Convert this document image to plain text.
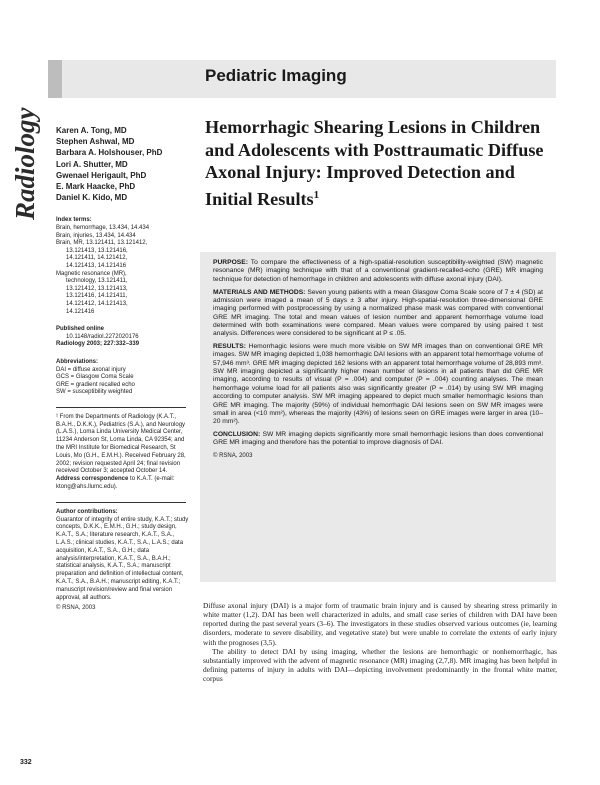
Pediatric Imaging
Radiology Karen A. Tong, MD
Stephen Ashwal, MD
Barbara A. Holshouser, PhD
Lori A. Shutter, MD
Gwenael Herigault, PhD
E. Mark Haacke, PhD
Daniel K. Kido, MD
Index terms:
Brain, hemorrhage, 13.434, 14.434
Brain, injuries, 13.434, 14.434
Brain, MR, 13.121411, 13.121412,
13.121413, 13.121416,
14.121411, 14.121412,
14.121413, 14.121416
Magnetic resonance (MR),
technology, 13.121411,
13.121412, 13.121413,
13.121416, 14.121411,
14.121412, 14.121413,
14.121416
Published online
10.1148/radiol.2272020176
Radiology 2003; 227:332–339
Abbreviations:
DAI = diffuse axonal injury
GCS = Glasgow Coma Scale
GRE = gradient recalled echo
SW = susceptibility weighted
¹ From the Departments of Radiology (K.A.T., B.A.H., D.K.K.), Pediatrics (S.A.), and Neurology (L.A.S.), Loma Linda University Medical Center, 11234 Anderson St, Loma Linda, CA 92354; and the MRI Institute for Biomedical Research, St Louis, Mo (G.H., E.M.H.). Received February 28, 2002; revision requested April 24; final revision received October 3; accepted October 14. Address correspondence to K.A.T. (e-mail: ktong@ahs.llumc.edu).
Author contributions:
Guarantor of integrity of entire study, K.A.T.; study concepts, D.K.K., E.M.H., G.H.; study design, K.A.T., S.A.; literature research, K.A.T., S.A., L.A.S.; clinical studies, K.A.T., S.A., L.A.S.; data acquisition, K.A.T., S.A., G.H.; data analysis/interpretation, K.A.T., S.A., B.A.H.; statistical analysis, K.A.T., S.A.; manuscript preparation and definition of intellectual content, K.A.T., S.A., B.A.H.; manuscript editing, K.A.T.; manuscript revision/review and final version approval, all authors.
© RSNA, 2003
Hemorrhagic Shearing Lesions in Children and Adolescents with Posttraumatic Diffuse Axonal Injury: Improved Detection and Initial Results$^1$

PURPOSE: To compare the effectiveness of a high-spatial-resolution susceptibility-weighted (SW) magnetic resonance (MR) imaging technique with that of a conventional gradient-recalled-echo (GRE) MR imaging technique for detection of hemorrhage in children and adolescents with diffuse axonal injury (DAI).

MATERIALS AND METHODS: Seven young patients with a mean Glasgow Coma Scale score of 7 ± 4 (SD) at admission were imaged a mean of 5 days ± 3 after injury. High-spatial-resolution three-dimensional GRE imaging performed with postprocessing by using a normalized phase mask was compared with conventional GRE MR imaging. The total and mean values of lesion number and apparent hemorrhage volume load determined with both examinations were compared. Mean values were compared by using paired t test analysis. Differences were considered to be significant at P ≤ .05.

RESULTS: Hemorrhagic lesions were much more visible on SW MR images than on conventional GRE MR images. SW MR imaging depicted 1,038 hemorrhagic DAI lesions with an apparent total hemorrhage volume of 57,946 mm³. GRE MR imaging depicted 162 lesions with an apparent total hemorrhage volume of 28,893 mm³. SW MR imaging depicted a significantly higher mean number of lesions in all patients than did GRE MR imaging, according to results of visual (P = .004) and computer (P = .004) counting analyses. The mean hemorrhage volume load for all patients also was significantly greater (P = .014) by using SW MR imaging according to computer analysis. SW MR imaging appeared to depict much smaller hemorrhagic lesions than GRE MR imaging. The majority (59%) of individual hemorrhagic DAI lesions seen on SW MR images were small in area (<10 mm²), whereas the majority (43%) of lesions seen on GRE images were larger in area (10–20 mm²).

CONCLUSION: SW MR imaging depicts significantly more small hemorrhagic lesions than does conventional GRE MR imaging and therefore has the potential to improve diagnosis of DAI.

© RSNA, 2003

Diffuse axonal injury (DAI) is a major form of traumatic brain injury and is caused by shearing stress primarily in white matter (1,2). DAI has been well characterized in adults, and small case series of children with DAI have been reported during the past several years (3–6). The investigators in these studies observed various outcomes (ie, learning disorders, moderate to severe disability, and vegetative state) but were unable to correlate the extents of early injury with the prognoses (3,5).

The ability to detect DAI by using imaging, whether the lesions are hemorrhagic or nonhemorrhagic, has substantially improved with the advent of magnetic resonance (MR) imaging (2,7,8). MR imaging has been helpful in defining patterns of injury in adults with DAI—depicting involvement predominantly in the frontal white matter, corpus

332
